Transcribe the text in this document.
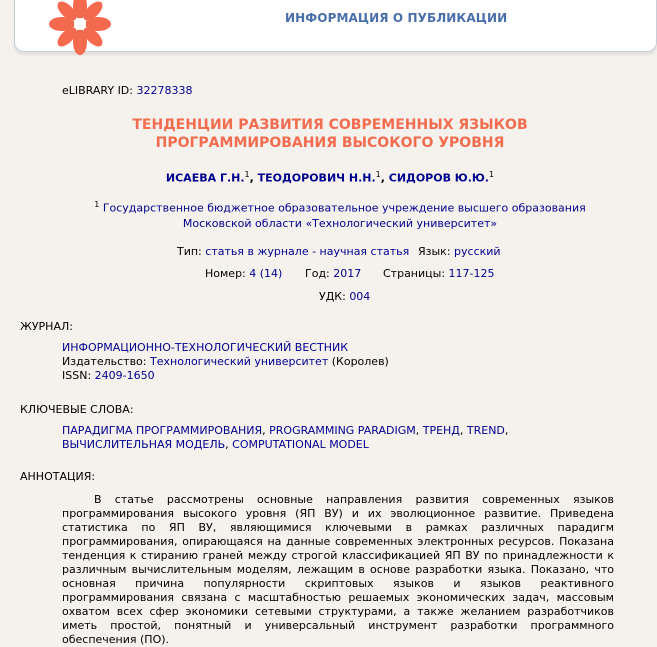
ИНФОРМАЦИЯ О ПУБЛИКАЦИИ
eLIBRARY ID: 32278338
ТЕНДЕНЦИИ РАЗВИТИЯ СОВРЕМЕННЫХ ЯЗЫКОВ ПРОГРАММИРОВАНИЯ ВЫСОКОГО УРОВНЯ
ИСАЕВА Г.Н.$^1$, ТЕОДОРОВИЧ Н.Н.$^1$, СИДОРОВ Ю.Ю.$^1$
$^1$ Государственное бюджетное образовательное учреждение высшего образования Московской области «Технологический университет»
Тип: статья в журнале - научная статья Язык: русский
Номер: 4 (14) Год: 2017 Страницы: 117-125
УДК: 004
ЖУРНАЛ:
ИНФОРМАЦИОННО-ТЕХНОЛОГИЧЕСКИЙ ВЕСТНИК
Издательство: Технологический университет (Королев)
ISSN: 2409-1650
КЛЮЧЕВЫЕ СЛОВА:
ПАРАДИГМА ПРОГРАММИРОВАНИЯ, PROGRAMMING PARADIGM, ТРЕНД, TREND, ВЫЧИСЛИТЕЛЬНАЯ МОДЕЛЬ, COMPUTATIONAL MODEL
АННОТАЦИЯ:
В статье рассмотрены основные направления развития современных языков программирования высокого уровня (ЯП ВУ) и их эволюционное развитие. Приведена статистика по ЯП ВУ, являющимися ключевыми в рамках различных парадигм программирования, опирающаяся на данные современных электронных ресурсов. Показана тенденция к стиранию граней между строгой классификацией ЯП ВУ по принадлежности к различным вычислительным моделям, лежащим в основе разработки языка. Показано, что основная причина популярности скриптовых языков и языков реактивного программирования связана с масштабностью решаемых экономических задач, массовым охватом всех сфер экономики сетевыми структурами, а также желанием разработчиков иметь простой, понятный и универсальный инструмент разработки программного обеспечения (ПО).
